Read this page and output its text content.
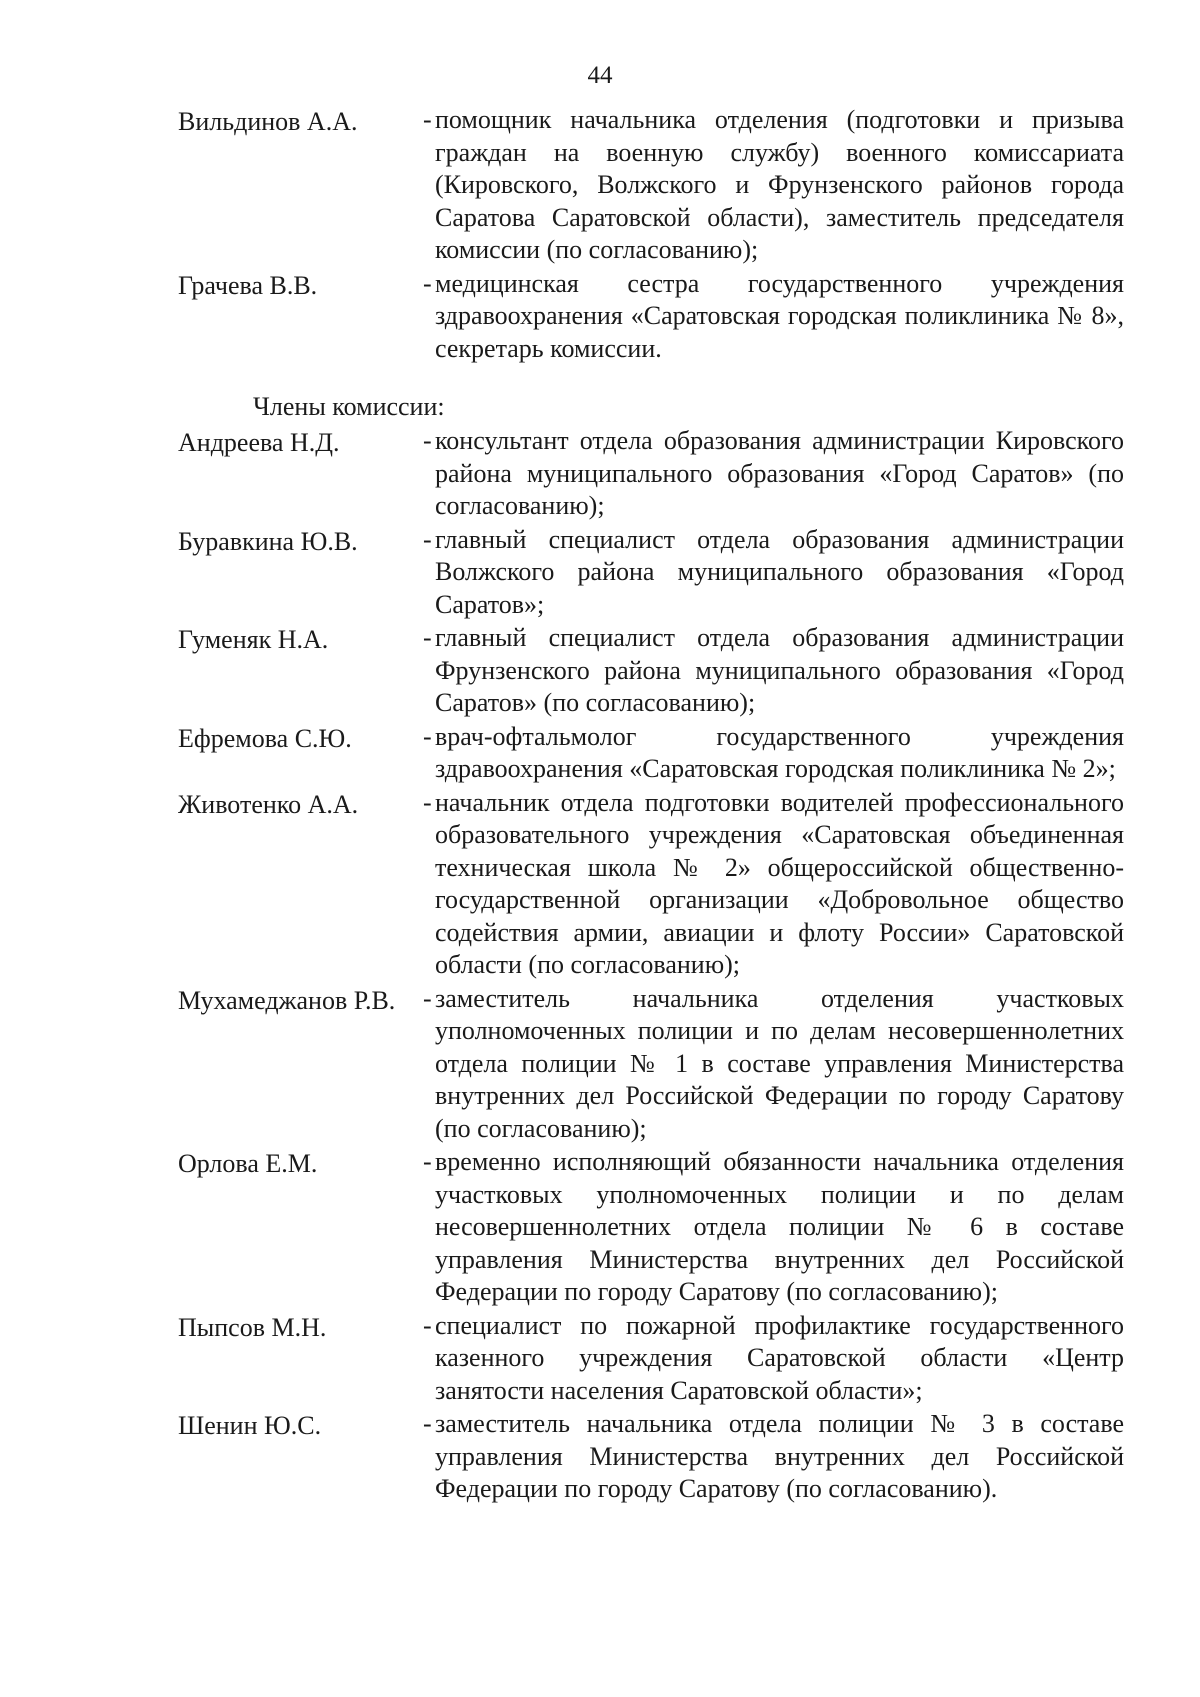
44
Вильдинов А.А.	- помощник начальника отделения (подготовки и призыва граждан на военную службу) военного комиссариата (Кировского, Волжского и Фрунзенского районов города Саратова Саратовской области), заместитель председателя комиссии (по согласованию);
Грачева В.В.	- медицинская сестра государственного учреждения здравоохранения «Саратовская городская поликлиника № 8», секретарь комиссии.
Члены комиссии:
Андреева Н.Д.	- консультант отдела образования администрации Кировского района муниципального образования «Город Саратов» (по согласованию);
Буравкина Ю.В.	- главный специалист отдела образования администрации Волжского района муниципального образования «Город Саратов»;
Гуменяк Н.А.	- главный специалист отдела образования администрации Фрунзенского района муниципального образования «Город Саратов» (по согласованию);
Ефремова С.Ю.	- врач-офтальмолог государственного учреждения здравоохранения «Саратовская городская поликлиника № 2»;
Животенко А.А.	- начальник отдела подготовки водителей профессионального образовательного учреждения «Саратовская объединенная техническая школа № 2» общероссийской общественно-государственной организации «Добровольное общество содействия армии, авиации и флоту России» Саратовской области (по согласованию);
Мухамеджанов Р.В.	- заместитель начальника отделения участковых уполномоченных полиции и по делам несовершеннолетних отдела полиции № 1 в составе управления Министерства внутренних дел Российской Федерации по городу Саратову (по согласованию);
Орлова Е.М.	- временно исполняющий обязанности начальника отделения участковых уполномоченных полиции и по делам несовершеннолетних отдела полиции № 6 в составе управления Министерства внутренних дел Российской Федерации по городу Саратову (по согласованию);
Пыпсов М.Н.	- специалист по пожарной профилактике государственного казенного учреждения Саратовской области «Центр занятости населения Саратовской области»;
Шенин Ю.С.	- заместитель начальника отдела полиции № 3 в составе управления Министерства внутренних дел Российской Федерации по городу Саратову (по согласованию).
